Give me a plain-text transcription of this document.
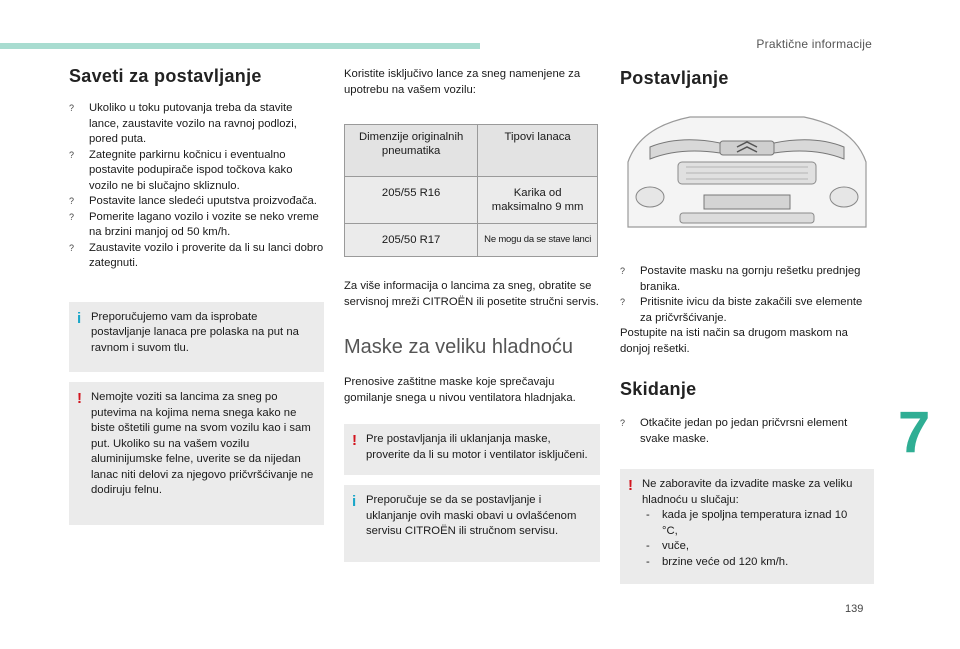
Praktične informacije
7
139
Saveti za postavljanje
? Ukoliko u toku putovanja treba da stavite lance, zaustavite vozilo na ravnoj podlozi, pored puta.
? Zategnite parkirnu kočnicu i eventualno postavite podupirače ispod točkova kako vozilo ne bi slučajno skliznulo.
? Postavite lance sledeći uputstva proizvođača.
? Pomerite lagano vozilo i vozite se neko vreme na brzini manjoj od 50 km/h.
? Zaustavite vozilo i proverite da li su lanci dobro zategnuti.
i Preporučujemo vam da isprobate postavljanje lanaca pre polaska na put na ravnom i suvom tlu.
! Nemojte voziti sa lancima za sneg po putevima na kojima nema snega kako ne biste oštetili gume na svom vozilu kao i sam put. Ukoliko su na vašem vozilu aluminijumske felne, uverite se da nijedan lanac niti delovi za njegovo pričvršćivanje ne dodiruju felnu.

Koristite isključivo lance za sneg namenjene za upotrebu na vašem vozilu:

Dimenzije originalnih pneumatika	Tipovi lanaca
205/55 R16	Karika od maksimalno 9 mm
205/50 R17	Ne mogu da se stave lanci

Za više informacija o lancima za sneg, obratite se servisnoj mreži CITROËN ili posetite stručni servis.

Maske za veliku hladnoću

Prenosive zaštitne maske koje sprečavaju gomilanje snega u nivou ventilatora hladnjaka.

! Pre postavljanja ili uklanjanja maske, proverite da li su motor i ventilator isključeni.
i Preporučuje se da se postavljanje i uklanjanje ovih maski obavi u ovlašćenom servisu CITROËN ili stručnom servisu.
Postavljanje
? Postavite masku na gornju rešetku prednjeg branika.
? Pritisnite ivicu da biste zakačili sve elemente za pričvršćivanje.

Postupite na isti način sa drugom maskom na donjoj rešetki.

Skidanje
? Otkačite jedan po jedan pričvrsni element svake maske.
! Ne zaboravite da izvadite maske za veliku hladnoću u slučaju:
- kada je spoljna temperatura iznad 10 °C,
- vuče,
- brzine veće od 120 km/h.
